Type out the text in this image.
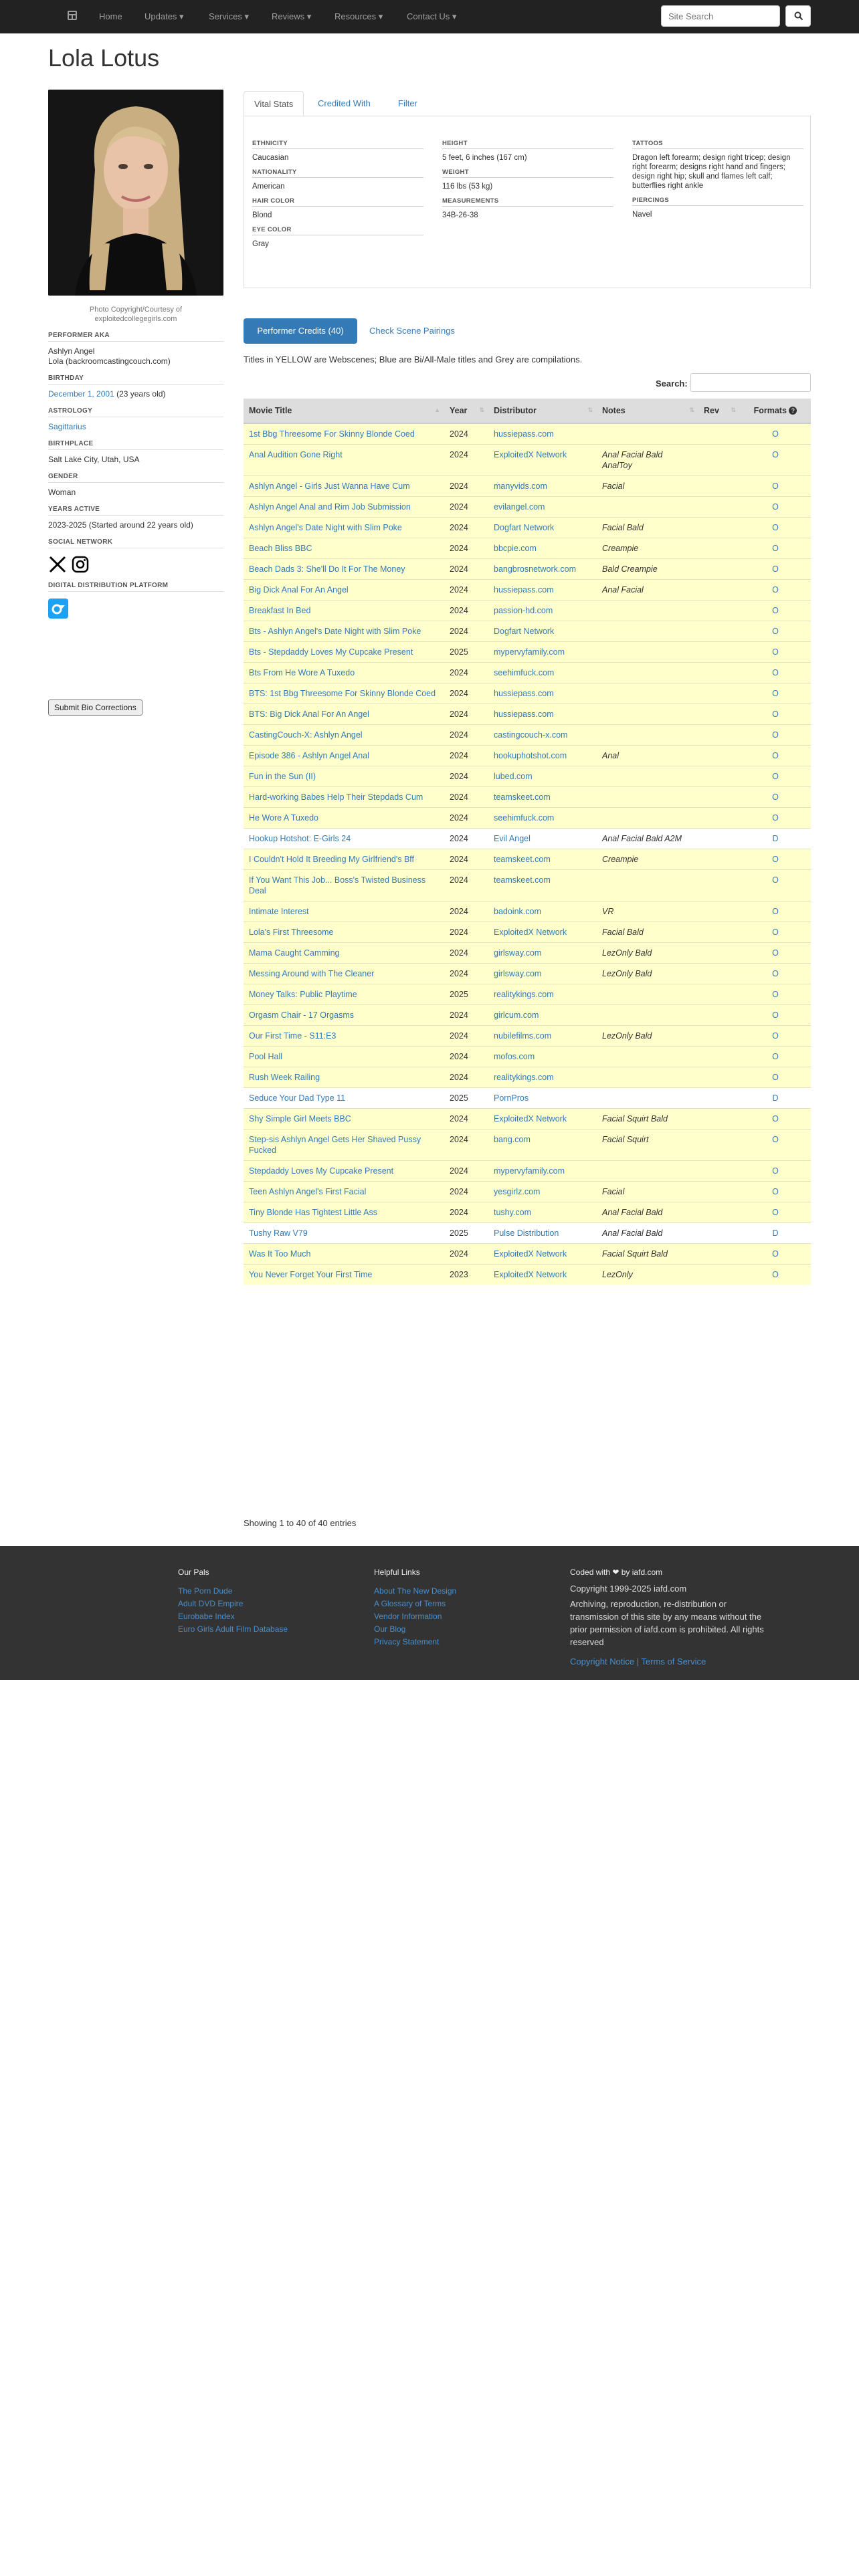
Home	Updates ▾	Services ▾	Reviews ▾	Resources ▾	Contact Us ▾
Site Search
Lola Lotus
Photo Copyright/Courtesy of exploitedcollegegirls.com
PERFORMER AKA
Ashlyn Angel
Lola (backroomcastingcouch.com)
BIRTHDAY
December 1, 2001 (23 years old)
ASTROLOGY
Sagittarius
BIRTHPLACE
Salt Lake City, Utah, USA
GENDER
Woman
YEARS ACTIVE
2023-2025 (Started around 22 years old)
SOCIAL NETWORK
DIGITAL DISTRIBUTION PLATFORM
Submit Bio Corrections
Vital Stats	Credited With	Filter
ETHNICITY
Caucasian
NATIONALITY
American
HAIR COLOR
Blond
EYE COLOR
Gray
HEIGHT
5 feet, 6 inches (167 cm)
WEIGHT
116 lbs (53 kg)
MEASUREMENTS
34B-26-38
TATTOOS
Dragon left forearm; design right tricep; design right forearm; designs right hand and fingers; design right hip; skull and flames left calf; butterflies right ankle
PIERCINGS
Navel
Performer Credits (40)	Check Scene Pairings
Titles in YELLOW are Webscenes; Blue are Bi/All-Male titles and Grey are compilations.
Search:
Movie Title ▲	Year ⇅	Distributor ⇅	Notes ⇅	Rev ⇅	Formats ?
1st Bbg Threesome For Skinny Blonde Coed	2024	hussiepass.com			O
Anal Audition Gone Right	2024	ExploitedX Network	Anal Facial Bald AnalToy		O
Ashlyn Angel - Girls Just Wanna Have Cum	2024	manyvids.com	Facial		O
Ashlyn Angel Anal and Rim Job Submission	2024	evilangel.com			O
Ashlyn Angel's Date Night with Slim Poke	2024	Dogfart Network	Facial Bald		O
Beach Bliss BBC	2024	bbcpie.com	Creampie		O
Beach Dads 3: She'll Do It For The Money	2024	bangbrosnetwork.com	Bald Creampie		O
Big Dick Anal For An Angel	2024	hussiepass.com	Anal Facial		O
Breakfast In Bed	2024	passion-hd.com			O
Bts - Ashlyn Angel's Date Night with Slim Poke	2024	Dogfart Network			O
Bts - Stepdaddy Loves My Cupcake Present	2025	mypervyfamily.com			O
Bts From He Wore A Tuxedo	2024	seehimfuck.com			O
BTS: 1st Bbg Threesome For Skinny Blonde Coed	2024	hussiepass.com			O
BTS: Big Dick Anal For An Angel	2024	hussiepass.com			O
CastingCouch-X: Ashlyn Angel	2024	castingcouch-x.com			O
Episode 386 - Ashlyn Angel Anal	2024	hookuphotshot.com	Anal		O
Fun in the Sun (II)	2024	lubed.com			O
Hard-working Babes Help Their Stepdads Cum	2024	teamskeet.com			O
He Wore A Tuxedo	2024	seehimfuck.com			O
Hookup Hotshot: E-Girls 24	2024	Evil Angel	Anal Facial Bald A2M		D
I Couldn't Hold It Breeding My Girlfriend's Bff	2024	teamskeet.com	Creampie		O
If You Want This Job... Boss's Twisted Business Deal	2024	teamskeet.com			O
Intimate Interest	2024	badoink.com	VR		O
Lola's First Threesome	2024	ExploitedX Network	Facial Bald		O
Mama Caught Camming	2024	girlsway.com	LezOnly Bald		O
Messing Around with The Cleaner	2024	girlsway.com	LezOnly Bald		O
Money Talks: Public Playtime	2025	realitykings.com			O
Orgasm Chair - 17 Orgasms	2024	girlcum.com			O
Our First Time - S11:E3	2024	nubilefilms.com	LezOnly Bald		O
Pool Hall	2024	mofos.com			O
Rush Week Railing	2024	realitykings.com			O
Seduce Your Dad Type 11	2025	PornPros			D
Shy Simple Girl Meets BBC	2024	ExploitedX Network	Facial Squirt Bald		O
Step-sis Ashlyn Angel Gets Her Shaved Pussy Fucked	2024	bang.com	Facial Squirt		O
Stepdaddy Loves My Cupcake Present	2024	mypervyfamily.com			O
Teen Ashlyn Angel's First Facial	2024	yesgirlz.com	Facial		O
Tiny Blonde Has Tightest Little Ass	2024	tushy.com	Anal Facial Bald		O
Tushy Raw V79	2025	Pulse Distribution	Anal Facial Bald		D
Was It Too Much	2024	ExploitedX Network	Facial Squirt Bald		O
You Never Forget Your First Time	2023	ExploitedX Network	LezOnly		O
Showing 1 to 40 of 40 entries
Our Pals
The Porn Dude
Adult DVD Empire
Eurobabe Index
Euro Girls Adult Film Database
Helpful Links
About The New Design
A Glossary of Terms
Vendor Information
Our Blog
Privacy Statement
Coded with ❤ by iafd.com
Copyright 1999-2025 iafd.com
Archiving, reproduction, re-distribution or transmission of this site by any means without the prior permission of iafd.com is prohibited. All rights reserved
Copyright Notice | Terms of Service
